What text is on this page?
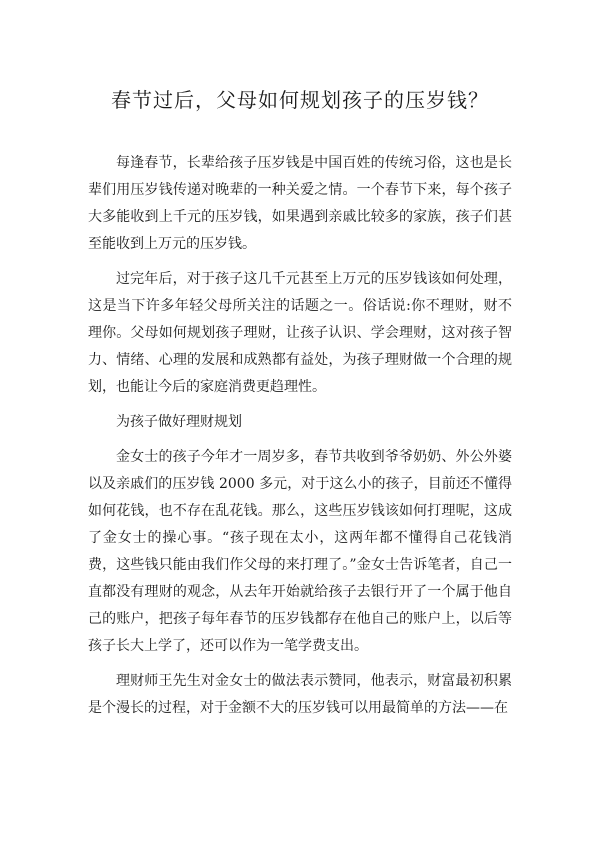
春节过后，父母如何规划孩子的压岁钱？

每逢春节，长辈给孩子压岁钱是中国百姓的传统习俗，这也是长辈们用压岁钱传递对晚辈的一种关爱之情。一个春节下来，每个孩子大多能收到上千元的压岁钱，如果遇到亲戚比较多的家族，孩子们甚至能收到上万元的压岁钱。

过完年后，对于孩子这几千元甚至上万元的压岁钱该如何处理，这是当下许多年轻父母所关注的话题之一。俗话说:你不理财，财不理你。父母如何规划孩子理财，让孩子认识、学会理财，这对孩子智力、情绪、心理的发展和成熟都有益处，为孩子理财做一个合理的规划，也能让今后的家庭消费更趋理性。

为孩子做好理财规划

金女士的孩子今年才一周岁多，春节共收到爷爷奶奶、外公外婆以及亲戚们的压岁钱 2000 多元，对于这么小的孩子，目前还不懂得如何花钱，也不存在乱花钱。那么，这些压岁钱该如何打理呢，这成了金女士的操心事。“孩子现在太小，这两年都不懂得自己花钱消费，这些钱只能由我们作父母的来打理了。”金女士告诉笔者，自己一直都没有理财的观念，从去年开始就给孩子去银行开了一个属于他自己的账户，把孩子每年春节的压岁钱都存在他自己的账户上，以后等孩子长大上学了，还可以作为一笔学费支出。

理财师王先生对金女士的做法表示赞同，他表示，财富最初积累是个漫长的过程，对于金额不大的压岁钱可以用最简单的方法——在
